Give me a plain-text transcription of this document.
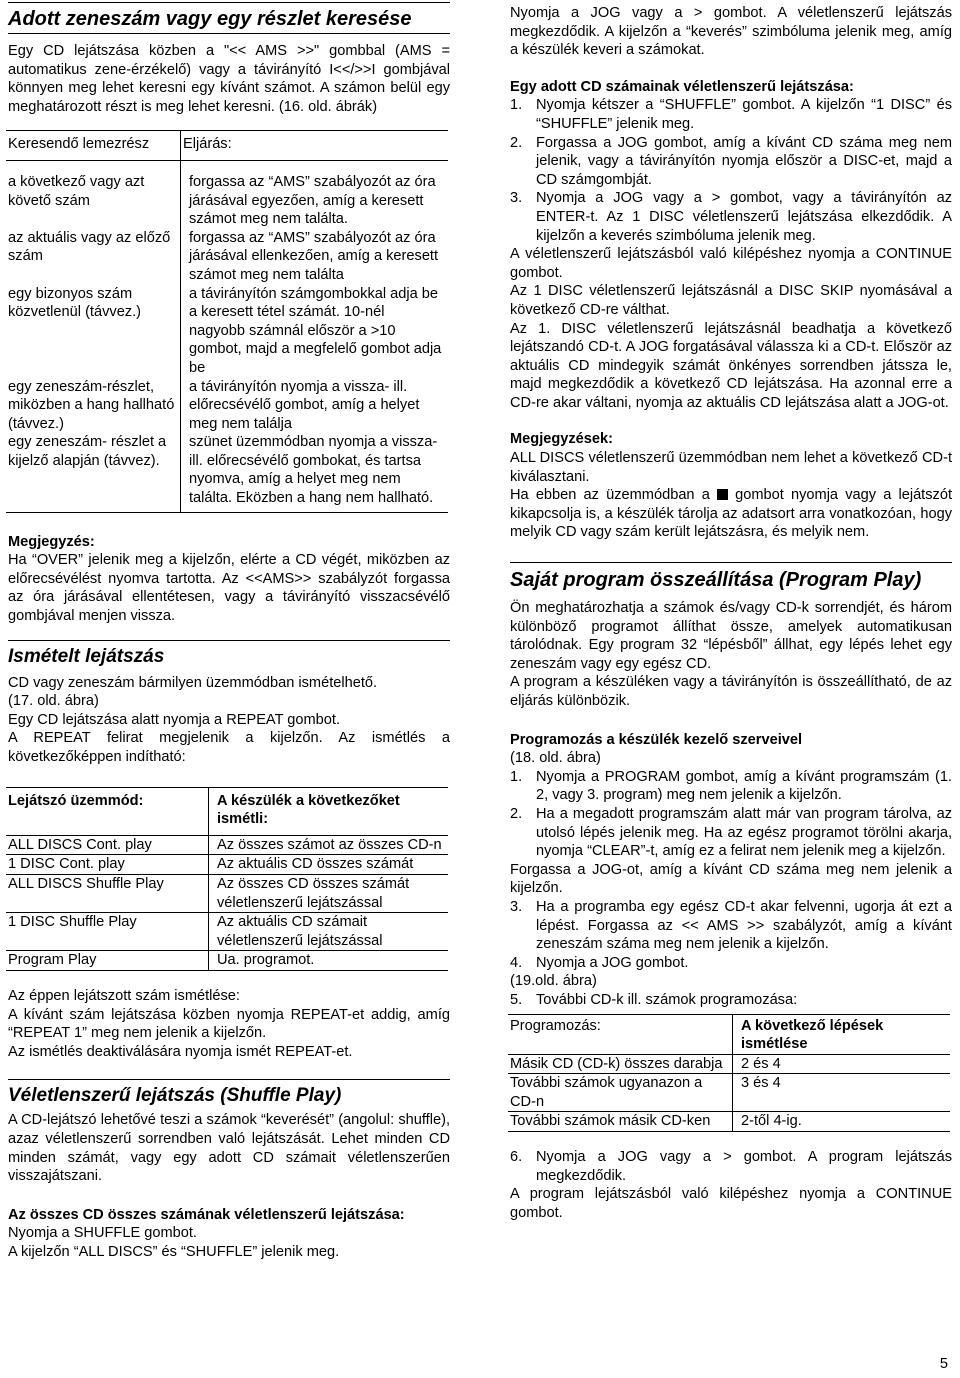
Adott zeneszám vagy egy részlet keresése

Egy CD lejátszása közben a "<< AMS >>" gombbal (AMS = automatikus zene-érzékelő) vagy a távirányító I<</>>I gombjával könnyen meg lehet keresni egy kívánt számot. A számon belül egy meghatározott részt is meg lehet keresni. (16. old. ábrák)

Keresendő lemezrész	Eljárás:
a következő vagy azt követő szám	forgassa az “AMS” szabályozót az óra járásával egyezően, amíg a keresett számot meg nem találta.
az aktuális vagy az előző szám	forgassa az “AMS” szabályozót az óra járásával ellenkezően, amíg a keresett számot meg nem találta
egy bizonyos szám közvetlenül (távvez.)	a távirányítón számgombokkal adja be a keresett tétel számát. 10-nél nagyobb számnál először a >10 gombot, majd a megfelelő gombot adja be
egy zeneszám-részlet, miközben a hang hallható (távvez.)	a távirányítón nyomja a vissza- ill. előrecsévélő gombot, amíg a helyet meg nem találja
egy zeneszám- részlet a kijelző alapján (távvez).	szünet üzemmódban nyomja a vissza- ill. előrecsévélő gombokat, és tartsa nyomva, amíg a helyet meg nem találta. Eközben a hang nem hallható.

Megjegyzés:

Ha “OVER” jelenik meg a kijelzőn, elérte a CD végét, miközben az előrecsévélést nyomva tartotta. Az <<AMS>> szabályzót forgassa az óra járásával ellentétesen, vagy a távirányító visszacsévélő gombjával menjen vissza.

Ismételt lejátszás

CD vagy zeneszám bármilyen üzemmódban ismételhető.

(17. old. ábra)

Egy CD lejátszása alatt nyomja a REPEAT gombot.

A REPEAT felirat megjelenik a kijelzőn. Az ismétlés a következőképpen indítható:

Lejátszó üzemmód:	A készülék a következőket ismétli:
ALL DISCS Cont. play	Az összes számot az összes CD-n
1 DISC Cont. play	Az aktuális CD összes számát
ALL DISCS Shuffle Play	Az összes CD összes számát véletlenszerű lejátszással
1 DISC Shuffle Play	Az aktuális CD számait véletlenszerű lejátszással
Program Play	Ua. programot.

Az éppen lejátszott szám ismétlése:

A kívánt szám lejátszása közben nyomja REPEAT-et addig, amíg “REPEAT 1” meg nem jelenik a kijelzőn.

Az ismétlés deaktiválására nyomja ismét REPEAT-et.

Véletlenszerű lejátszás (Shuffle Play)

A CD-lejátszó lehetővé teszi a számok “keverését” (angolul: shuffle), azaz véletlenszerű sorrendben való lejátszását. Lehet minden CD minden számát, vagy egy adott CD számait véletlenszerűen visszajátszani.

Az összes CD összes számának véletlenszerű lejátszása:

Nyomja a SHUFFLE gombot.

A kijelzőn “ALL DISCS” és “SHUFFLE” jelenik meg.

Nyomja a JOG vagy a > gombot. A véletlenszerű lejátszás megkezdődik. A kijelzőn a “keverés” szimbóluma jelenik meg, amíg a készülék keveri a számokat.

Egy adott CD számainak véletlenszerű lejátszása:

1. Nyomja kétszer a “SHUFFLE” gombot. A kijelzőn “1 DISC” és “SHUFFLE” jelenik meg.
2. Forgassa a JOG gombot, amíg a kívánt CD száma meg nem jelenik, vagy a távirányítón nyomja először a DISC-et, majd a CD számgombját.
3. Nyomja a JOG vagy a > gombot, vagy a távirányítón az ENTER-t. Az 1 DISC véletlenszerű lejátszása elkezdődik. A kijelzőn a keverés szimbóluma jelenik meg.

A véletlenszerű lejátszásból való kilépéshez nyomja a CONTINUE gombot.

Az 1 DISC véletlenszerű lejátszásnál a DISC SKIP nyomásával a következő CD-re válthat.

Az 1. DISC véletlenszerű lejátszásnál beadhatja a következő lejátszandó CD-t. A JOG forgatásával válassza ki a CD-t. Először az aktuális CD mindegyik számát önkényes sorrendben játssza le, majd megkezdődik a következő CD lejátszása. Ha azonnal erre a CD-re akar váltani, nyomja az aktuális CD lejátszása alatt a JOG-ot.

Megjegyzések:

ALL DISCS véletlenszerű üzemmódban nem lehet a következő CD-t kiválasztani.

Ha ebben az üzemmódban a gombot nyomja vagy a lejátszót kikapcsolja is, a készülék tárolja az adatsort arra vonatkozóan, hogy melyik CD vagy szám került lejátszásra, és melyik nem.

Saját program összeállítása (Program Play)

Ön meghatározhatja a számok és/vagy CD-k sorrendjét, és három különböző programot állíthat össze, amelyek automatikusan tárolódnak. Egy program 32 “lépésből” állhat, egy lépés lehet egy zeneszám vagy egy egész CD.

A program a készüléken vagy a távirányítón is összeállítható, de az eljárás különbözik.

Programozás a készülék kezelő szerveivel

(18. old. ábra)

1. Nyomja a PROGRAM gombot, amíg a kívánt programszám (1. 2, vagy 3. program) meg nem jelenik a kijelzőn.
2. Ha a megadott programszám alatt már van program tárolva, az utolsó lépés jelenik meg. Ha az egész programot törölni akarja, nyomja “CLEAR”-t, amíg ez a felirat nem jelenik meg a kijelzőn.

Forgassa a JOG-ot, amíg a kívánt CD száma meg nem jelenik a kijelzőn.

3. Ha a programba egy egész CD-t akar felvenni, ugorja át ezt a lépést. Forgassa az << AMS >> szabályzót, amíg a kívánt zeneszám száma meg nem jelenik a kijelzőn.
4. Nyomja a JOG gombot.

(19.old. ábra)

5. További CD-k ill. számok programozása:
Programozás:	A következő lépések ismétlése
Másik CD (CD-k) összes darabja	2 és 4
További számok ugyanazon a CD-n	3 és 4
További számok másik CD-ken	2-től 4-ig.
6. Nyomja a JOG vagy a > gombot. A program lejátszás megkezdődik.

A program lejátszásból való kilépéshez nyomja a CONTINUE gombot.

5
